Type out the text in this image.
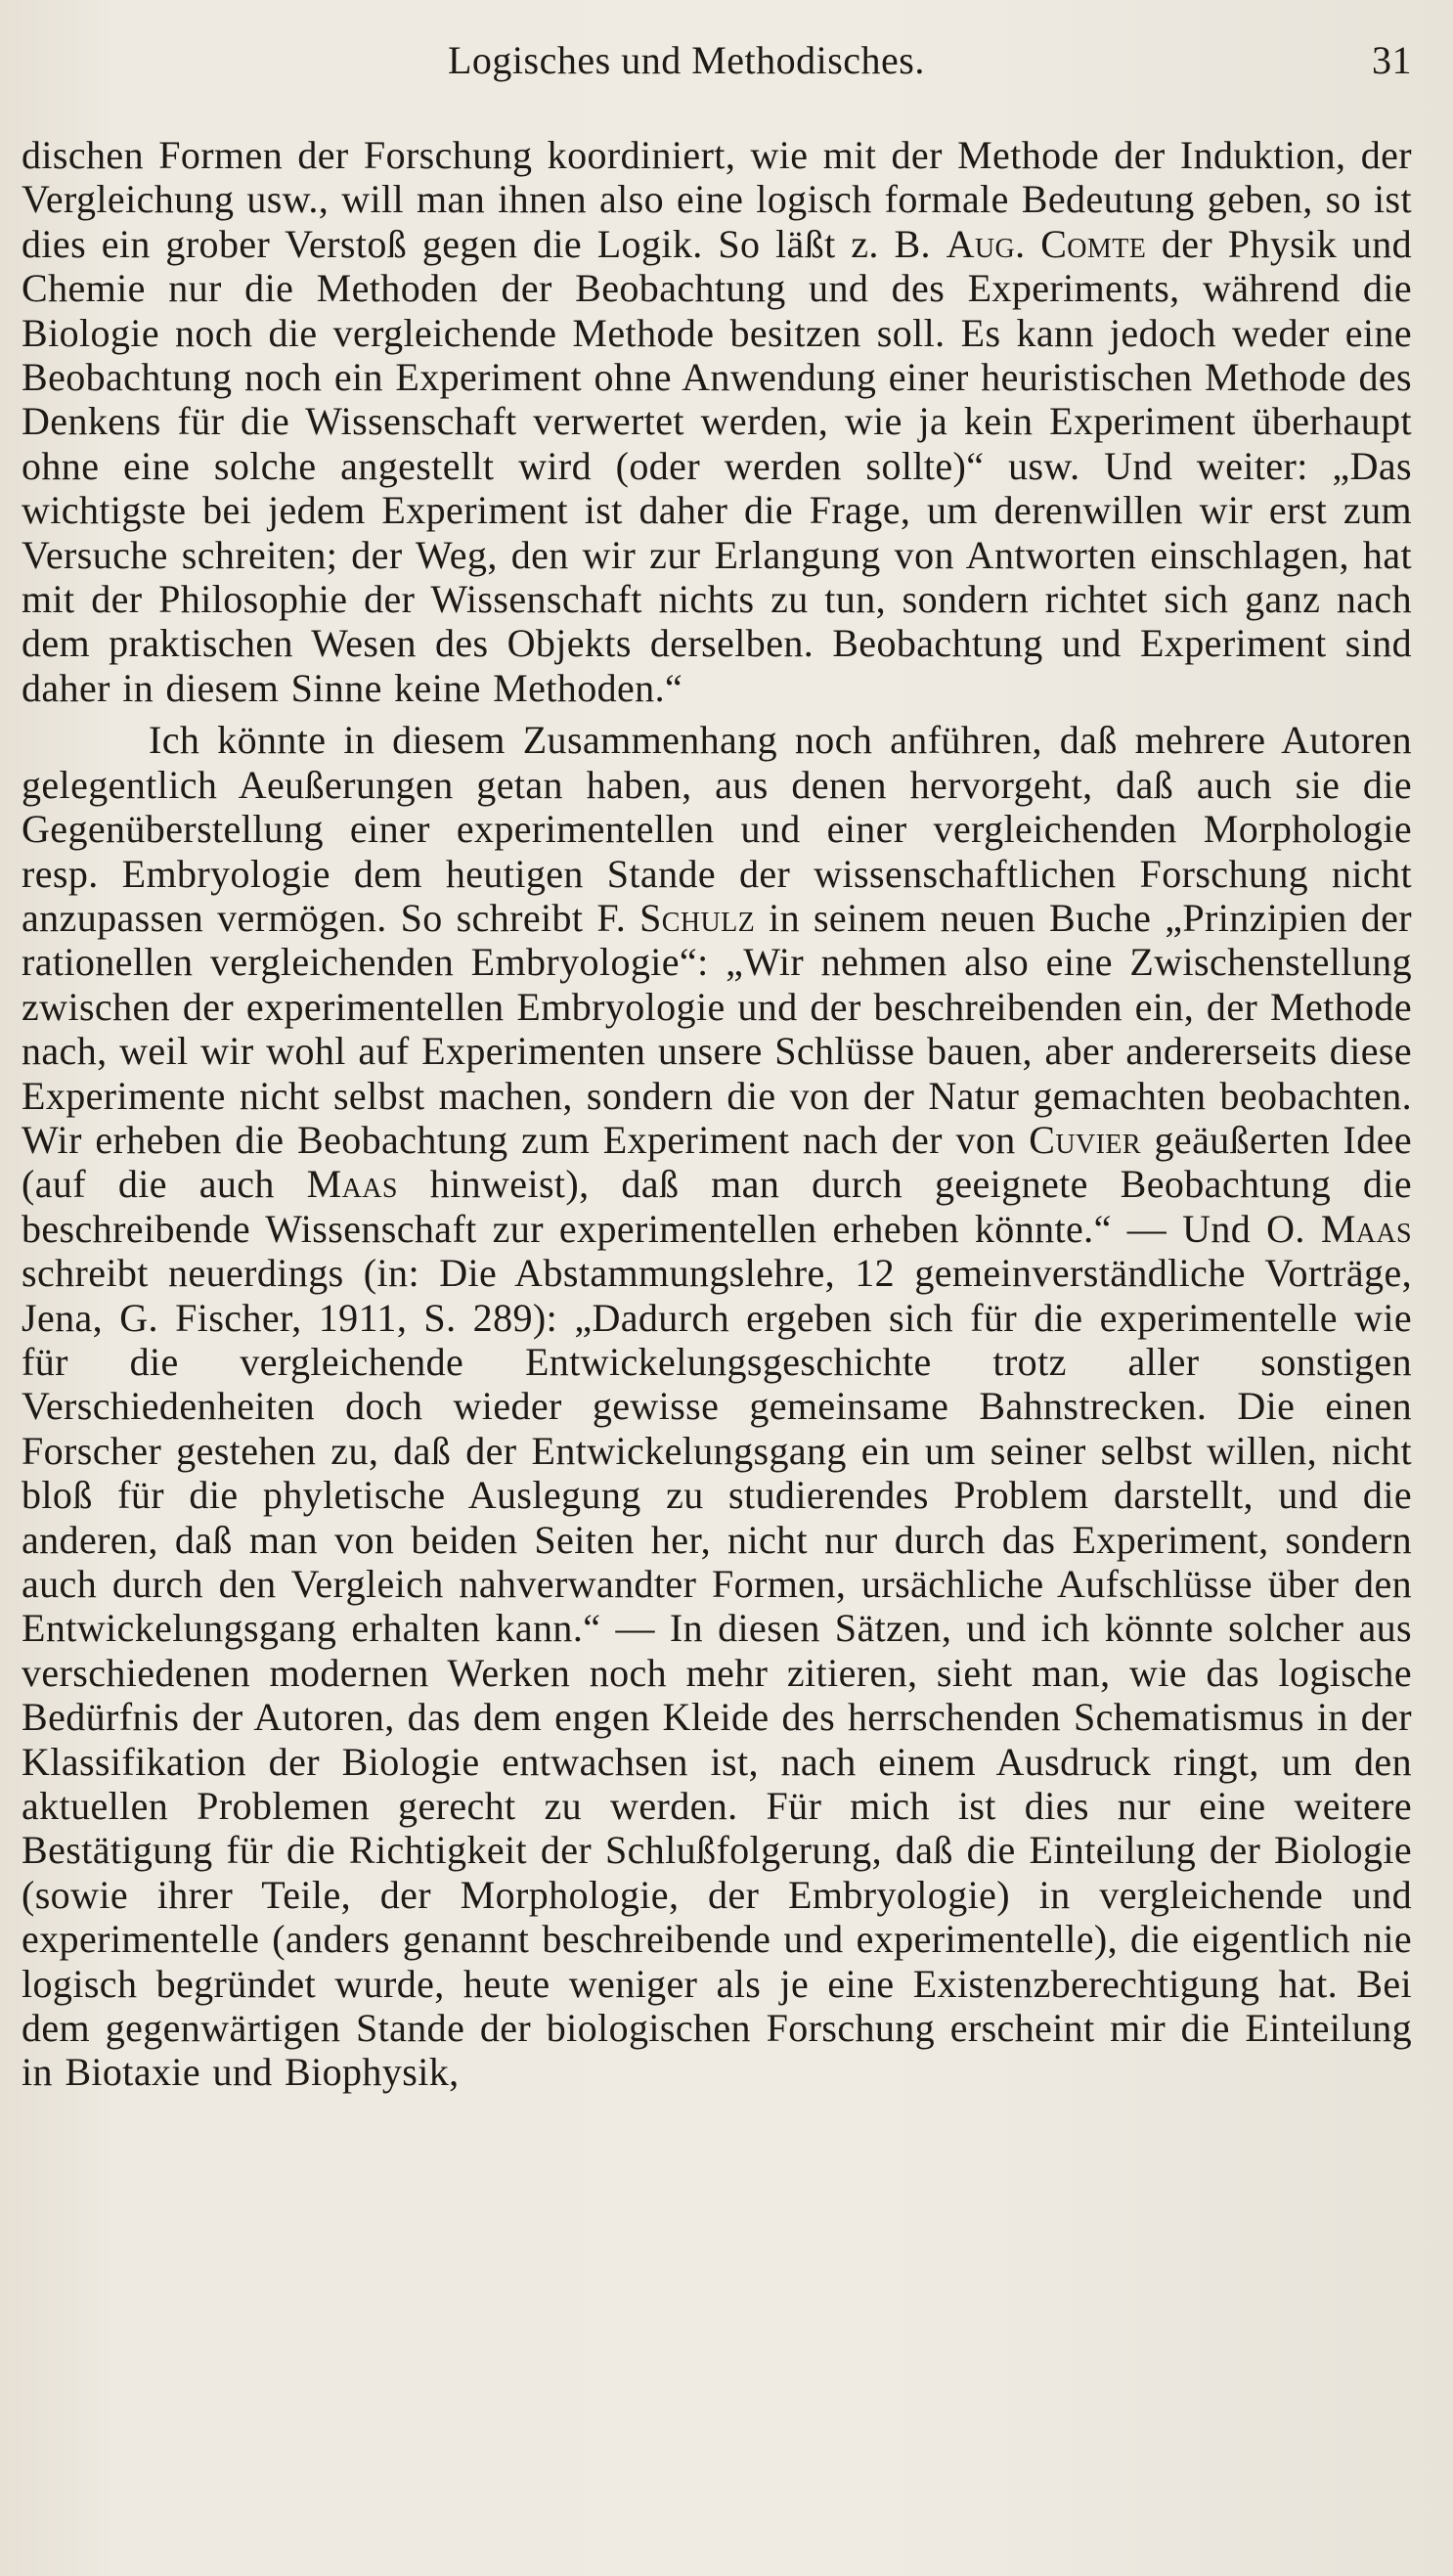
Logisches und Methodisches.	31

dischen Formen der Forschung koordiniert, wie mit der Methode der Induktion, der Vergleichung usw., will man ihnen also eine logisch formale Bedeutung geben, so ist dies ein grober Verstoß gegen die Logik. So läßt z. B. Aug. Comte der Physik und Chemie nur die Methoden der Beobachtung und des Experiments, während die Biologie noch die vergleichende Methode besitzen soll. Es kann jedoch weder eine Beobachtung noch ein Experiment ohne Anwendung einer heuristischen Methode des Denkens für die Wissenschaft verwertet werden, wie ja kein Experiment überhaupt ohne eine solche angestellt wird (oder werden sollte)“ usw. Und weiter: „Das wichtigste bei jedem Experiment ist daher die Frage, um derenwillen wir erst zum Versuche schreiten; der Weg, den wir zur Erlangung von Antworten einschlagen, hat mit der Philosophie der Wissenschaft nichts zu tun, sondern richtet sich ganz nach dem praktischen Wesen des Objekts derselben. Beobachtung und Experiment sind daher in diesem Sinne keine Methoden.“

Ich könnte in diesem Zusammenhang noch anführen, daß mehrere Autoren gelegentlich Aeußerungen getan haben, aus denen hervorgeht, daß auch sie die Gegenüberstellung einer experimentellen und einer vergleichenden Morphologie resp. Embryologie dem heutigen Stande der wissenschaftlichen Forschung nicht anzupassen vermögen. So schreibt F. Schulz in seinem neuen Buche „Prinzipien der rationellen vergleichenden Embryologie“: „Wir nehmen also eine Zwischenstellung zwischen der experimentellen Embryologie und der beschreibenden ein, der Methode nach, weil wir wohl auf Experimenten unsere Schlüsse bauen, aber andererseits diese Experimente nicht selbst machen, sondern die von der Natur gemachten beobachten. Wir erheben die Beobachtung zum Experiment nach der von Cuvier geäußerten Idee (auf die auch Maas hinweist), daß man durch geeignete Beobachtung die beschreibende Wissenschaft zur experimentellen erheben könnte.“ — Und O. Maas schreibt neuerdings (in: Die Abstammungslehre, 12 gemeinverständliche Vorträge, Jena, G. Fischer, 1911, S. 289): „Dadurch ergeben sich für die experimentelle wie für die vergleichende Entwickelungsgeschichte trotz aller sonstigen Verschiedenheiten doch wieder gewisse gemeinsame Bahnstrecken. Die einen Forscher gestehen zu, daß der Entwickelungsgang ein um seiner selbst willen, nicht bloß für die phyletische Auslegung zu studierendes Problem darstellt, und die anderen, daß man von beiden Seiten her, nicht nur durch das Experiment, sondern auch durch den Vergleich nahverwandter Formen, ursächliche Aufschlüsse über den Entwickelungsgang erhalten kann.“ — In diesen Sätzen, und ich könnte solcher aus verschiedenen modernen Werken noch mehr zitieren, sieht man, wie das logische Bedürfnis der Autoren, das dem engen Kleide des herrschenden Schematismus in der Klassifikation der Biologie entwachsen ist, nach einem Ausdruck ringt, um den aktuellen Problemen gerecht zu werden. Für mich ist dies nur eine weitere Bestätigung für die Richtigkeit der Schlußfolgerung, daß die Einteilung der Biologie (sowie ihrer Teile, der Morphologie, der Embryologie) in vergleichende und experimentelle (anders genannt beschreibende und experimentelle), die eigentlich nie logisch begründet wurde, heute weniger als je eine Existenzberechtigung hat. Bei dem gegenwärtigen Stande der biologischen Forschung erscheint mir die Einteilung in Biotaxie und Biophysik,
